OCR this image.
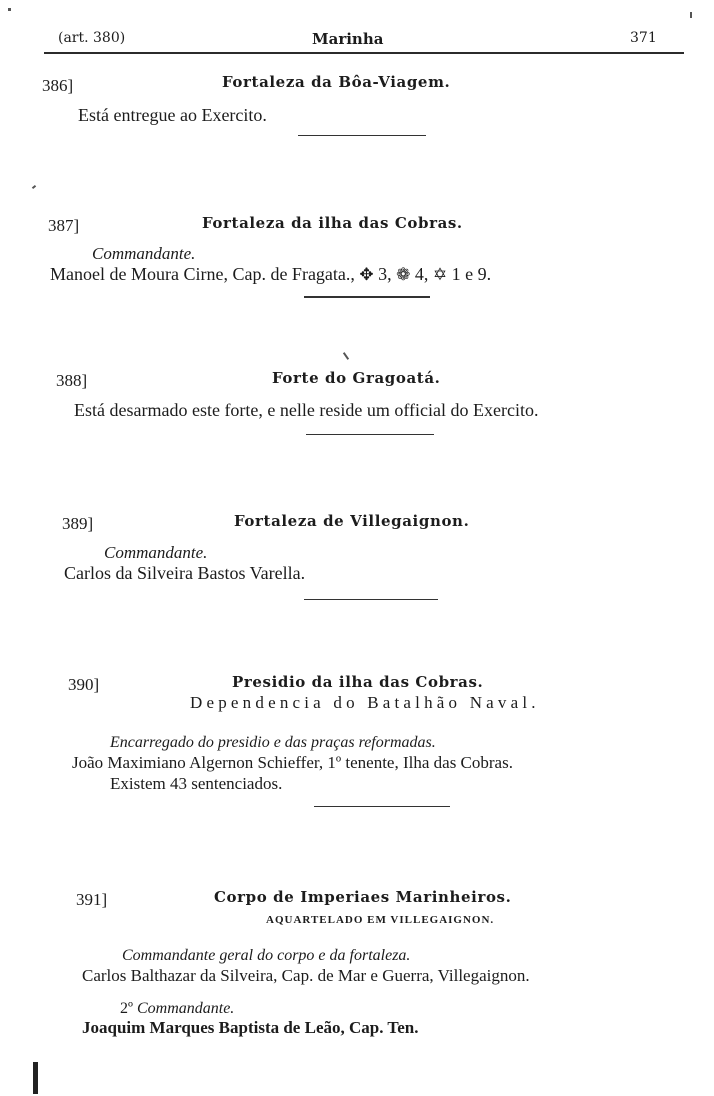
(art. 380)	Marinha	371
386]	Fortaleza da Bôa-Viagem.
Está entregue ao Exercito.
387]	Fortaleza da ilha das Cobras.
Commandante.
Manoel de Moura Cirne, Cap. de Fragata., ✥ 3, ❁ 4, ✡ 1 e 9.
388]	Forte do Gragoatá.
Está desarmado este forte, e nelle reside um official do Exercito.
389]	Fortaleza de Villegaignon.
Commandante.
Carlos da Silveira Bastos Varella.
390]	Presidio da ilha das Cobras.
Dependencia do Batalhão Naval.
Encarregado do presidio e das praças reformadas.
João Maximiano Algernon Schieffer, 1º tenente, Ilha das Cobras.
Existem 43 sentenciados.
391]	Corpo de Imperiaes Marinheiros.
AQUARTELADO EM VILLEGAIGNON.
Commandante geral do corpo e da fortaleza.
Carlos Balthazar da Silveira, Cap. de Mar e Guerra, Villegaignon.
2º Commandante.
Joaquim Marques Baptista de Leão, Cap. Ten.
